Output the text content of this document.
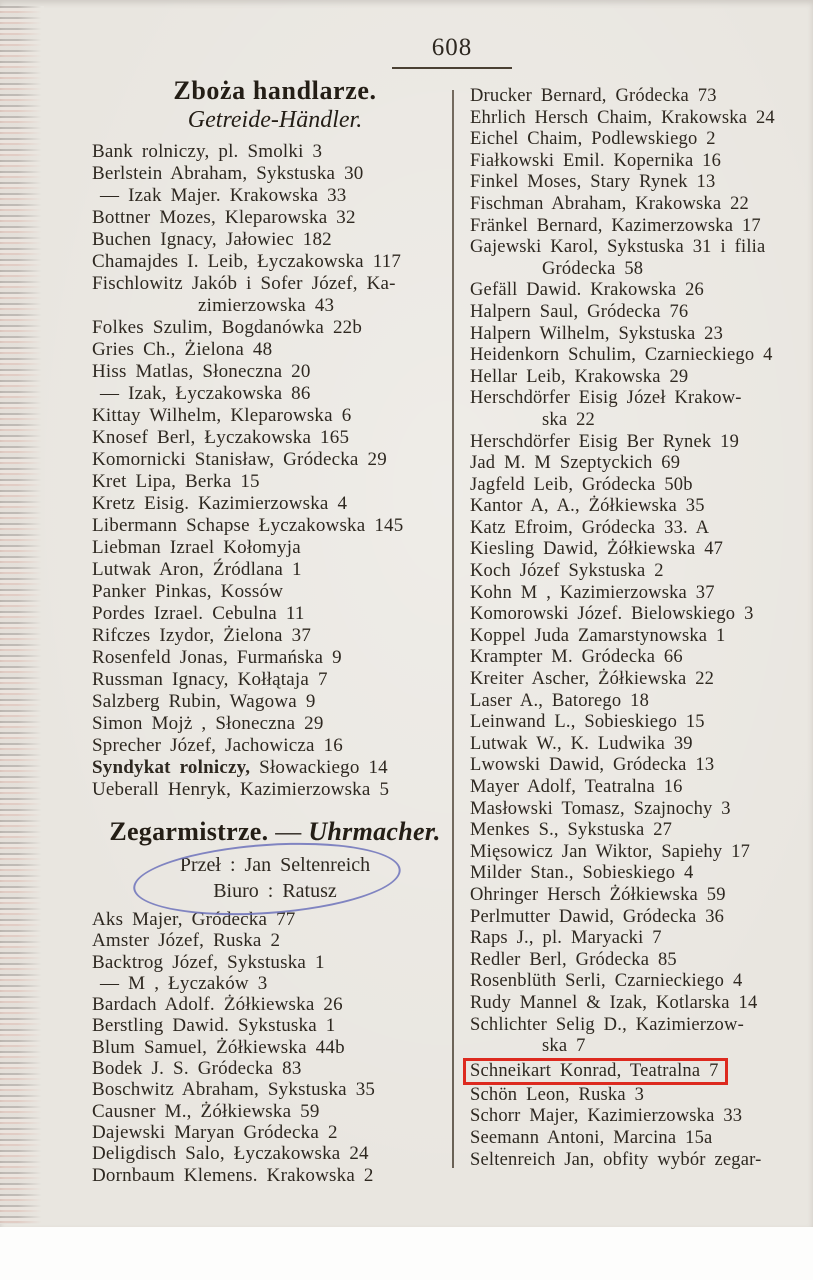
608
Zboża handlarze.
Getreide-Händler.
Bank rolniczy, pl. Smolki 3
Berlstein Abraham, Sykstuska 30
— Izak Majer. Krakowska 33
Bottner Mozes, Kleparowska 32
Buchen Ignacy, Jałowiec 182
Chamajdes I. Leib, Łyczakowska 117
Fischlowitz Jakób i Sofer Józef, Ka-
zimierzowska 43
Folkes Szulim, Bogdanówka 22b
Gries Ch., Żielona 48
Hiss Matlas, Słoneczna 20
— Izak, Łyczakowska 86
Kittay Wilhelm, Kleparowska 6
Knosef Berl, Łyczakowska 165
Komornicki Stanisław, Gródecka 29
Kret Lipa, Berka 15
Kretz Eisig. Kazimierzowska 4
Libermann Schapse Łyczakowska 145
Liebman Izrael Kołomyja
Lutwak Aron, Źródlana 1
Panker Pinkas, Kossów
Pordes Izrael. Cebulna 11
Rifczes Izydor, Żielona 37
Rosenfeld Jonas, Furmańska 9
Russman Ignacy, Kołłątaja 7
Salzberg Rubin, Wagowa 9
Simon Mojż , Słoneczna 29
Sprecher Józef, Jachowicza 16
Syndykat rolniczy, Słowackiego 14
Ueberall Henryk, Kazimierzowska 5
Zegarmistrze. — Uhrmacher.
Przeł : Jan Seltenreich
Biuro : Ratusz
Aks Majer, Gródecka 77
Amster Józef, Ruska 2
Backtrog Józef, Sykstuska 1
— M , Łyczaków 3
Bardach Adolf. Żółkiewska 26
Berstling Dawid. Sykstuska 1
Blum Samuel, Żółkiewska 44b
Bodek J. S. Gródecka 83
Boschwitz Abraham, Sykstuska 35
Causner M., Żółkiewska 59
Dajewski Maryan Gródecka 2
Deligdisch Salo, Łyczakowska 24
Dornbaum Klemens. Krakowska 2
Drucker Bernard, Gródecka 73
Ehrlich Hersch Chaim, Krakowska 24
Eichel Chaim, Podlewskiego 2
Fiałkowski Emil. Kopernika 16
Finkel Moses, Stary Rynek 13
Fischman Abraham, Krakowska 22
Fränkel Bernard, Kazimerzowska 17
Gajewski Karol, Sykstuska 31 i filia
Gródecka 58
Gefäll Dawid. Krakowska 26
Halpern Saul, Gródecka 76
Halpern Wilhelm, Sykstuska 23
Heidenkorn Schulim, Czarnieckiego 4
Hellar Leib, Krakowska 29
Herschdörfer Eisig Józeł Krakow-
ska 22
Herschdörfer Eisig Ber Rynek 19
Jad M. M Szeptyckich 69
Jagfeld Leib, Gródecka 50b
Kantor A, A., Żółkiewska 35
Katz Efroim, Gródecka 33. A
Kiesling Dawid, Żółkiewska 47
Koch Józef Sykstuska 2
Kohn M , Kazimierzowska 37
Komorowski Józef. Bielowskiego 3
Koppel Juda Zamarstynowska 1
Krampter M. Gródecka 66
Kreiter Ascher, Żółkiewska 22
Laser A., Batorego 18
Leinwand L., Sobieskiego 15
Lutwak W., K. Ludwika 39
Lwowski Dawid, Gródecka 13
Mayer Adolf, Teatralna 16
Masłowski Tomasz, Szajnochy 3
Menkes S., Sykstuska 27
Mięsowicz Jan Wiktor, Sapiehy 17
Milder Stan., Sobieskiego 4
Ohringer Hersch Żółkiewska 59
Perlmutter Dawid, Gródecka 36
Raps J., pl. Maryacki 7
Redler Berl, Gródecka 85
Rosenblüth Serli, Czarnieckiego 4
Rudy Mannel & Izak, Kotlarska 14
Schlichter Selig D., Kazimierzow-
ska 7
Schneikart Konrad, Teatralna 7
Schön Leon, Ruska 3
Schorr Majer, Kazimierzowska 33
Seemann Antoni, Marcina 15a
Seltenreich Jan, obfity wybór zegar-
